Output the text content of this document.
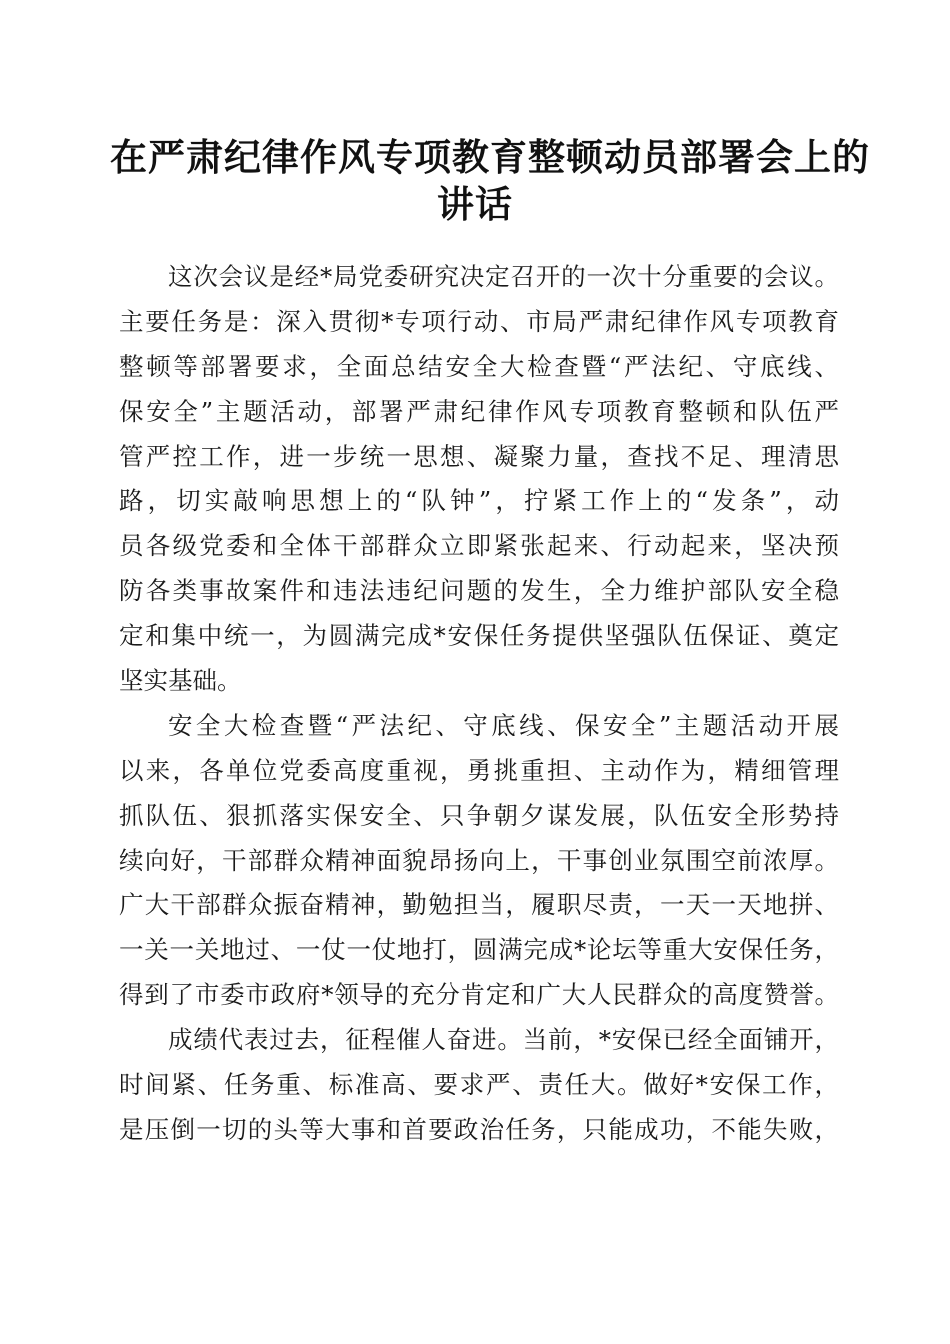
在严肃纪律作风专项教育整顿动员部署会上的
讲话
这次会议是经*局党委研究决定召开的一次十分重要的会议。
主要任务是：深入贯彻*专项行动、市局严肃纪律作风专项教育
整顿等部署要求，全面总结安全大检查暨“严法纪、守底线、
保安全”主题活动，部署严肃纪律作风专项教育整顿和队伍严
管严控工作，进一步统一思想、凝聚力量，查找不足、理清思
路，切实敲响思想上的“队钟”，拧紧工作上的“发条”，动
员各级党委和全体干部群众立即紧张起来、行动起来，坚决预
防各类事故案件和违法违纪问题的发生，全力维护部队安全稳
定和集中统一，为圆满完成*安保任务提供坚强队伍保证、奠定
坚实基础。
安全大检查暨“严法纪、守底线、保安全”主题活动开展
以来，各单位党委高度重视，勇挑重担、主动作为，精细管理
抓队伍、狠抓落实保安全、只争朝夕谋发展，队伍安全形势持
续向好，干部群众精神面貌昂扬向上，干事创业氛围空前浓厚。
广大干部群众振奋精神，勤勉担当，履职尽责，一天一天地拼、
一关一关地过、一仗一仗地打，圆满完成*论坛等重大安保任务，
得到了市委市政府*领导的充分肯定和广大人民群众的高度赞誉。
成绩代表过去，征程催人奋进。当前，*安保已经全面铺开，
时间紧、任务重、标准高、要求严、责任大。做好*安保工作，
是压倒一切的头等大事和首要政治任务，只能成功，不能失败，
